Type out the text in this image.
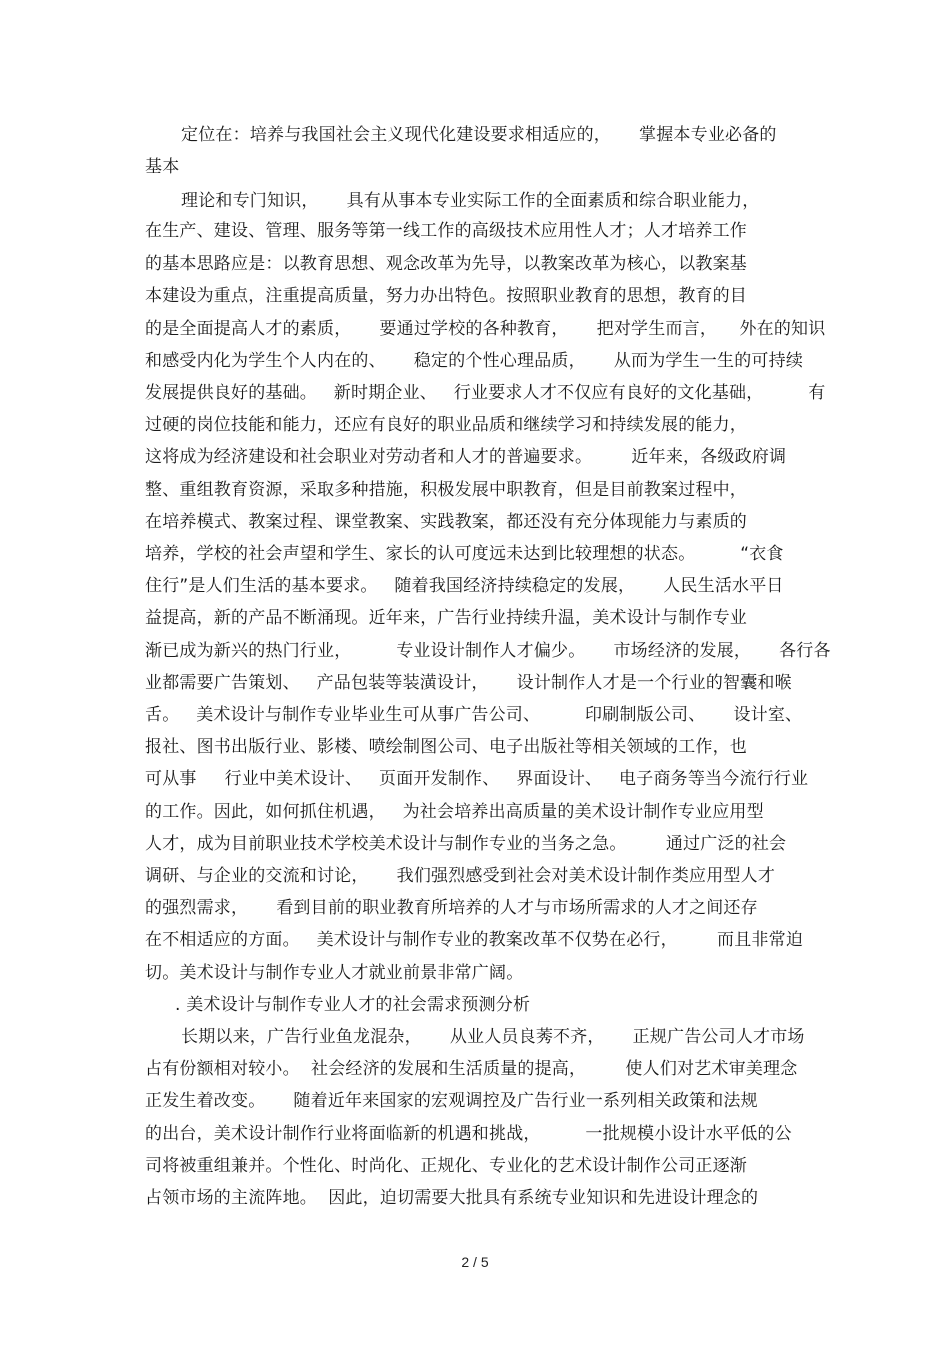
定位在：培养与我国社会主义现代化建设要求相适应的，     掌握本专业必备的
基本
理论和专门知识，     具有从事本专业实际工作的全面素质和综合职业能力，
在生产、建设、管理、服务等第一线工作的高级技术应用性人才；人才培养工作
的基本思路应是：以教育思想、观念改革为先导，以教案改革为核心，以教案基
本建设为重点，注重提高质量，努力办出特色。按照职业教育的思想，教育的目
的是全面提高人才的素质，     要通过学校的各种教育，     把对学生而言，    外在的知识
和感受内化为学生个人内在的、     稳定的个性心理品质，     从而为学生一生的可持续
发展提供良好的基础。   新时期企业、   行业要求人才不仅应有良好的文化基础，        有
过硬的岗位技能和能力，还应有良好的职业品质和继续学习和持续发展的能力，
这将成为经济建设和社会职业对劳动者和人才的普遍要求。       近年来，各级政府调
整、重组教育资源，采取多种措施，积极发展中职教育，但是目前教案过程中，
在培养模式、教案过程、课堂教案、实践教案，都还没有充分体现能力与素质的
培养，学校的社会声望和学生、家长的认可度远未达到比较理想的状态。        “衣食
住行”是人们生活的基本要求。   随着我国经济持续稳定的发展，     人民生活水平日
益提高，新的产品不断涌现。近年来，广告行业持续升温，美术设计与制作专业
渐已成为新兴的热门行业，        专业设计制作人才偏少。     市场经济的发展，     各行各
业都需要广告策划、   产品包装等装潢设计，     设计制作人才是一个行业的智囊和喉
舌。   美术设计与制作专业毕业生可从事广告公司、        印刷制版公司、     设计室、
报社、图书出版行业、影楼、喷绘制图公司、电子出版社等相关领域的工作，也
可从事     行业中美术设计、   页面开发制作、   界面设计、   电子商务等当今流行行业
的工作。因此，如何抓住机遇，   为社会培养出高质量的美术设计制作专业应用型
人才，成为目前职业技术学校美术设计与制作专业的当务之急。       通过广泛的社会
调研、与企业的交流和讨论，     我们强烈感受到社会对美术设计制作类应用型人才
的强烈需求，     看到目前的职业教育所培养的人才与市场所需求的人才之间还存
在不相适应的方面。   美术设计与制作专业的教案改革不仅势在必行，       而且非常迫
切。美术设计与制作专业人才就业前景非常广阔。
. 美术设计与制作专业人才的社会需求预测分析
长期以来，广告行业鱼龙混杂，     从业人员良莠不齐，     正规广告公司人才市场
占有份额相对较小。  社会经济的发展和生活质量的提高，       使人们对艺术审美理念
正发生着改变。     随着近年来国家的宏观调控及广告行业一系列相关政策和法规
的出台，美术设计制作行业将面临新的机遇和挑战，        一批规模小设计水平低的公
司将被重组兼并。个性化、时尚化、正规化、专业化的艺术设计制作公司正逐渐
占领市场的主流阵地。  因此，迫切需要大批具有系统专业知识和先进设计理念的
2 / 5
